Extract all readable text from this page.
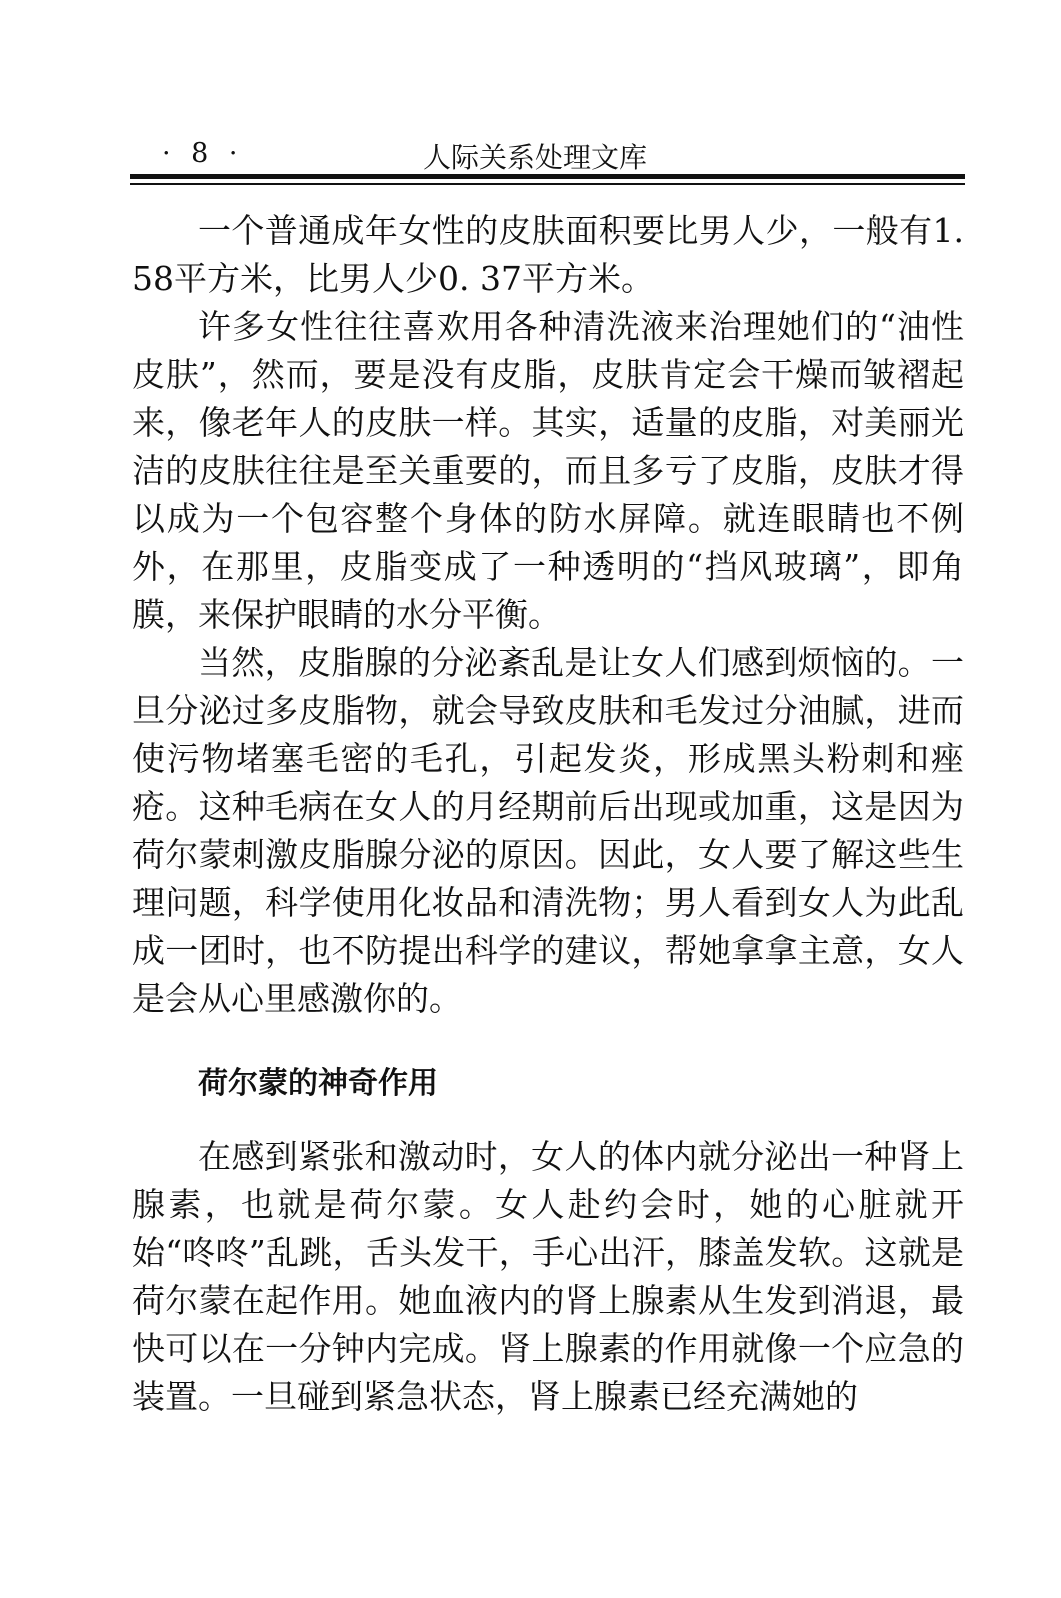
· 8 ·	人际关系处理文库

一个普通成年女性的皮肤面积要比男人少，一般有1. 58平方米，比男人少0. 37平方米。

许多女性往往喜欢用各种清洗液来治理她们的“油性皮肤”，然而，要是没有皮脂，皮肤肯定会干燥而皱褶起来，像老年人的皮肤一样。其实，适量的皮脂，对美丽光洁的皮肤往往是至关重要的，而且多亏了皮脂，皮肤才得以成为一个包容整个身体的防水屏障。就连眼睛也不例外，在那里，皮脂变成了一种透明的“挡风玻璃”，即角膜，来保护眼睛的水分平衡。

当然，皮脂腺的分泌紊乱是让女人们感到烦恼的。一旦分泌过多皮脂物，就会导致皮肤和毛发过分油腻，进而使污物堵塞毛密的毛孔，引起发炎，形成黑头粉刺和痤疮。这种毛病在女人的月经期前后出现或加重，这是因为荷尔蒙刺激皮脂腺分泌的原因。因此，女人要了解这些生理问题，科学使用化妆品和清洗物；男人看到女人为此乱成一团时，也不防提出科学的建议，帮她拿拿主意，女人是会从心里感激你的。

荷尔蒙的神奇作用

在感到紧张和激动时，女人的体内就分泌出一种肾上腺素，也就是荷尔蒙。女人赴约会时，她的心脏就开始“咚咚”乱跳，舌头发干，手心出汗，膝盖发软。这就是荷尔蒙在起作用。她血液内的肾上腺素从生发到消退，最快可以在一分钟内完成。肾上腺素的作用就像一个应急的装置。一旦碰到紧急状态，肾上腺素已经充满她的
